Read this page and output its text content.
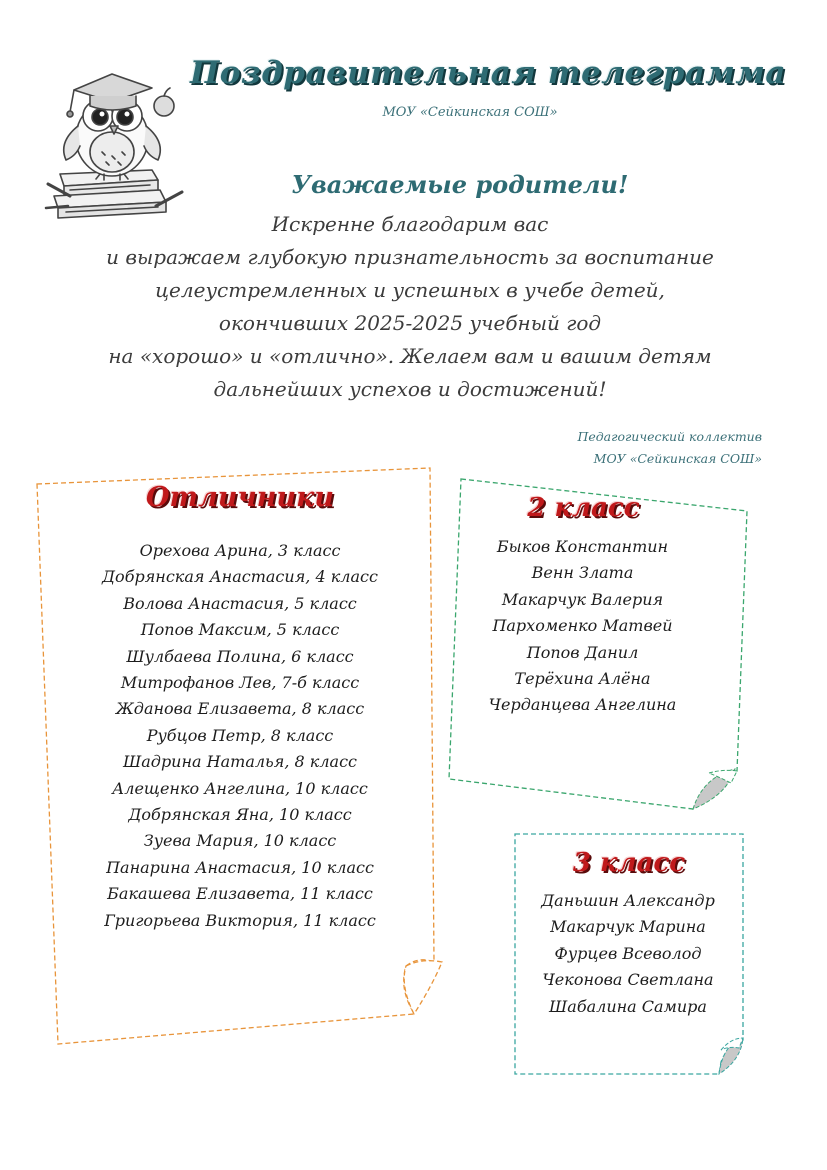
Поздравительная телеграмма
МОУ «Сейкинская СОШ»
Уважаемые родители!
Искренне благодарим вас
и выражаем глубокую признательность за воспитание
целеустремленных и успешных в учебе детей,
окончивших 2025-2025 учебный год
на «хорошо» и «отлично». Желаем вам и вашим детям
дальнейших успехов и достижений!
Педагогический коллектив
МОУ «Сейкинская СОШ»
Отличники
Орехова Арина, 3 класс
Добрянская Анастасия, 4 класс
Волова Анастасия, 5 класс
Попов Максим, 5 класс
Шулбаева Полина, 6 класс
Митрофанов Лев, 7-б класс
Жданова Елизавета, 8 класс
Рубцов Петр, 8 класс
Шадрина Наталья, 8 класс
Алещенко Ангелина, 10 класс
Добрянская Яна, 10 класс
Зуева Мария, 10 класс
Панарина Анастасия, 10 класс
Бакашева Елизавета, 11 класс
Григорьева Виктория, 11 класс
2 класс
Быков Константин
Венн Злата
Макарчук Валерия
Пархоменко Матвей
Попов Данил
Терёхина Алёна
Черданцева Ангелина
3 класс
Даньшин Александр
Макарчук Марина
Фурцев Всеволод
Чеконова Светлана
Шабалина Самира
